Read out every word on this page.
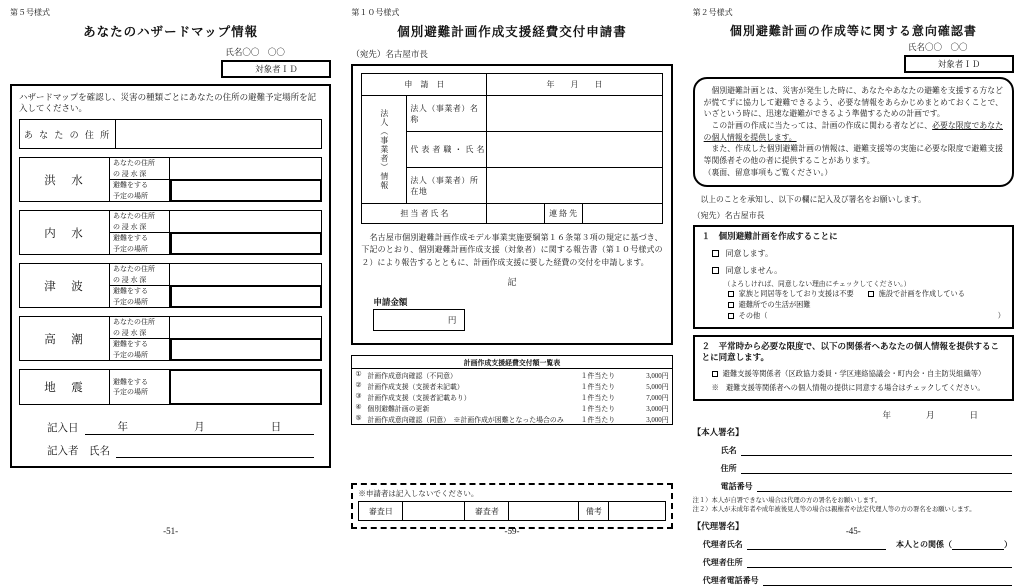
第５号様式
あなたのハザードマップ情報
氏名〇〇　〇〇
対象者ＩＤ
ハザードマップを確認し、災害の種類ごとにあなたの住所の避難予定場所を記入してください。
あ な た の 住 所
洪　水
あなたの住所
の 浸 水 深
避難をする
予定の場所
内　水
あなたの住所
の 浸 水 深
避難をする
予定の場所
津　波
あなたの住所
の 浸 水 深
避難をする
予定の場所
高　潮
あなたの住所
の 浸 水 深
避難をする
予定の場所
地　震
避難をする
予定の場所
記入日	年	月	日
記入者　氏名
-51-
第１０号様式
個別避難計画作成支援経費交付申請書
（宛先）名古屋市長
申　請　日		年　　月　　日		
法人（事業者）情報	法人（事業者）名称			
	代 表 者 職 ・ 氏 名			
	法人（事業者）所在地			
担 当 者 氏 名			連 絡 先	
　名古屋市個別避難計画作成モデル事業実施要綱第１６条第３項の規定に基づき、下記のとおり、個別避難計画作成支援（対象者）に関する報告書（第１０号様式の２）により報告するとともに、計画作成支援に要した経費の交付を申請します。
記
申請金額
円
計画作成支援経費交付額一覧表
① 計画作成意向確認（不同意）	１件当たり	3,000円
② 計画作成支援（支援者未記載）	１件当たり	5,000円
③ 計画作成支援（支援者記載あり）	１件当たり	7,000円
④ 個別避難計画の更新	１件当たり	3,000円
⑤ 計画作成意向確認（同意）　※計画作成が困難となった場合のみ	１件当たり	3,000円
※申請者は記入しないでください。
審査日	審査者	備考
-59-
第２号様式
個別避難計画の作成等に関する意向確認書
氏名〇〇　〇〇
対象者ＩＤ
　個別避難計画とは、災害が発生した時に、あなたやあなたの避難を支援する方などが慌てずに協力して避難できるよう、必要な情報をあらかじめまとめておくことで、いざという時に、迅速な避難ができるよう準備するための計画です。
　この計画の作成に当たっては、計画の作成に関わる者などに、必要な限度であなたの個人情報を提供します。
　また、作成した個別避難計画の情報は、避難支援等の実施に必要な限度で避難支援等関係者その他の者に提供することがあります。
（裏面、留意事項もご覧ください。）
　以上のことを承知し、以下の欄に記入及び署名をお願いします。
（宛先）名古屋市長
１　個別避難計画を作成することに
同意します。
同意しません。
（よろしければ、同意しない理由にチェックしてください。）
家族と同居等をしており支援は不要	施設で計画を作成している
避難所での生活が困難
その他（	）
２　平常時から必要な限度で、以下の関係者へあなたの個人情報を提供することに同意します。
避難支援等関係者（区政協力委員・学区連絡協議会・町内会・自主防災組織等）
※　避難支援等関係者への個人情報の提供に同意する場合はチェックしてください。
年　　月　　日
【本人署名】
氏名
住所
電話番号
注１）本人が自署できない場合は代理の方の署名をお願いします。
注２）本人が未成年者や成年被後見人等の場合は親権者や法定代理人等の方の署名をお願いします。
【代理署名】
代理者氏名	本人との関係（	）
代理者住所
代理者電話番号
-45-
